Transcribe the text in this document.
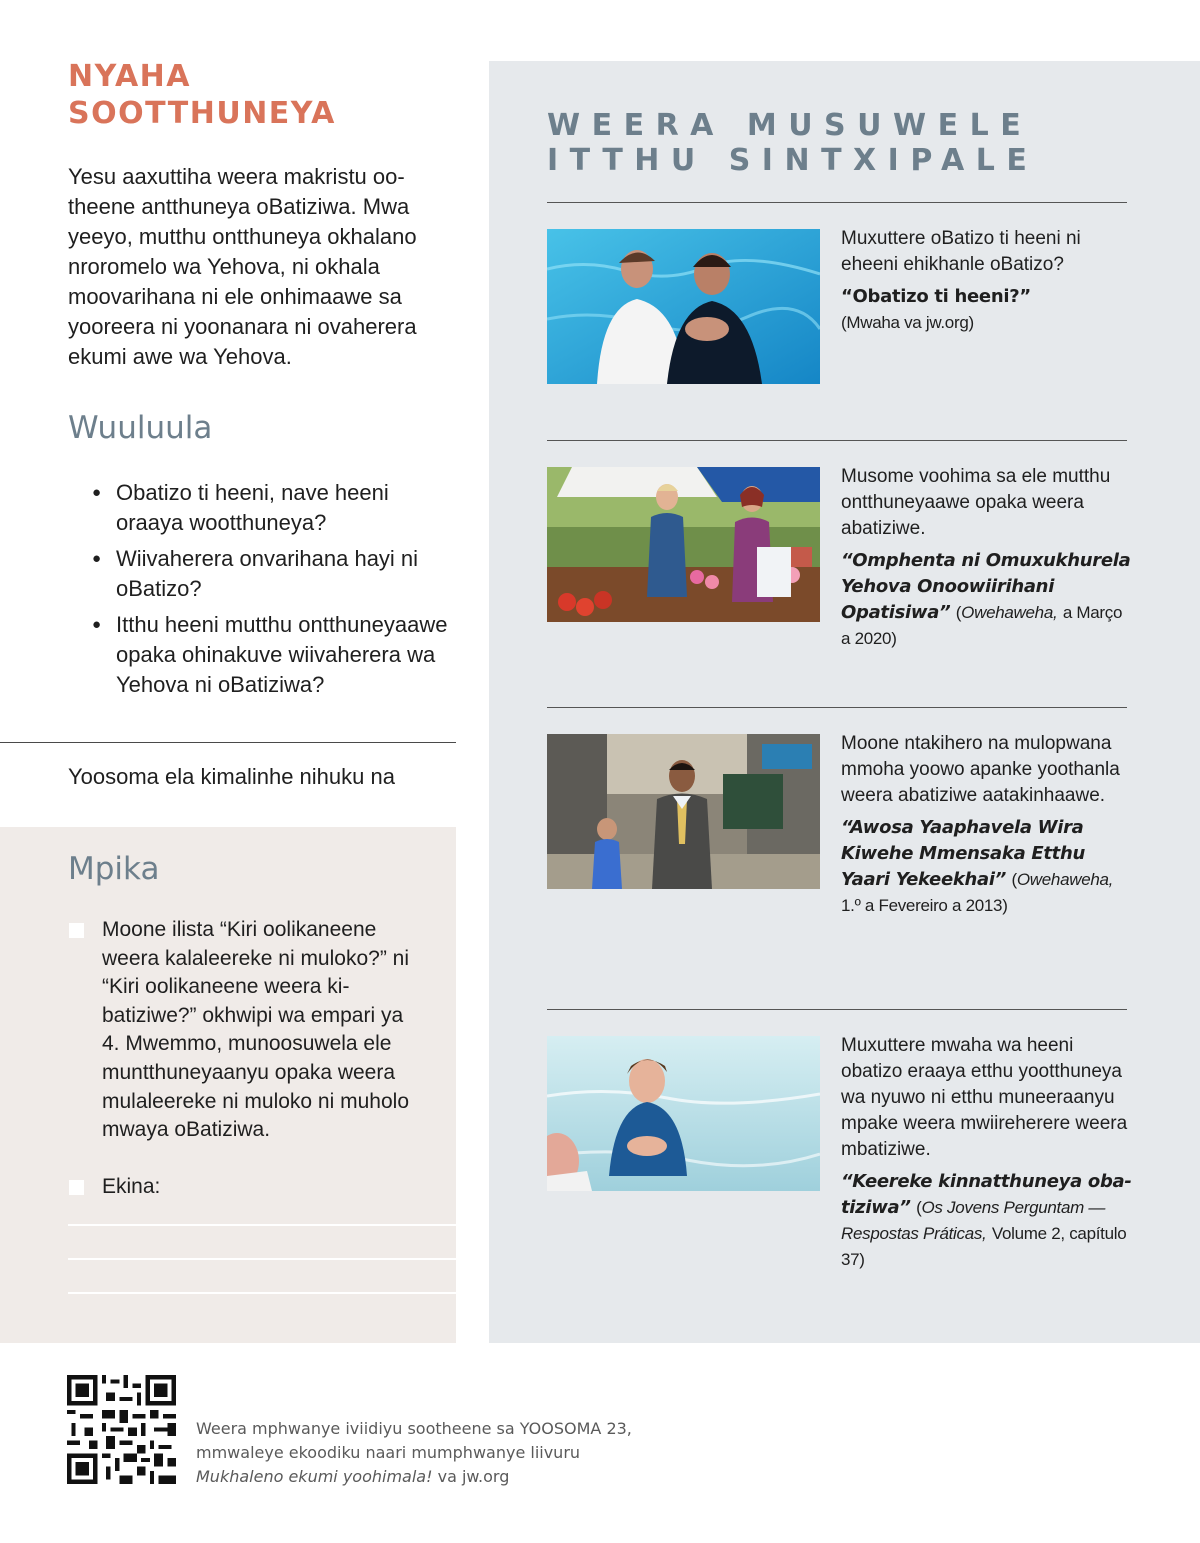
NYAHA
SOOTTHUNEYA

Yesu aaxuttiha weera makristu ootheene antthuneya oBatiziwa. Mwa yeeyo, mutthu ontthuneya okhalano nroromelo wa Yehova, ni okhala moovarihana ni ele onhimaawe sa yooreera ni yoonanara ni ovaherera ekumi awe wa Yehova.

Wuuluula
● Obatizo ti heeni, nave heeni oraaya wootthuneya?
● Wiivaherera onvarihana hayi ni oBatizo?
● Itthu heeni mutthu ontthuneyaawe opaka ohinakuve wiivaherera wa Yehova ni oBatiziwa?
Yoosoma ela kimalinhe nihuku na
Mpika
Moone ilista “Kiri oolikaneene weera kalaleereke ni muloko?” ni “Kiri oolikaneene weera kibatiziwe?” okhwipi wa empari ya 4. Mwemmo, munoosuwela ele muntthuneyaanyu opaka weera mulaleereke ni muloko ni muholo mwaya oBatiziwa.
Ekina:
WEERA MUSUWELE
ITTHU SINTXIPALE
Muxuttere oBatizo ti heeni ni eheeni ehikhanle oBatizo?
“Obatizo ti heeni?”
(Mwaha va jw.org)
Musome voohima sa ele mutthu ontthuneyaawe opaka weera abatiziwe.
“Omphenta ni Omuxukhurela Yehova Onoowiirihani Opatisiwa” (Owehaweha, a Março a 2020)
Moone ntakihero na mulopwana mmoha yoowo apanke yoothanla weera abatiziwe aatakinhaawe.
“Awosa Yaaphavela Wira Kiwehe Mmensaka Etthu Yaari Yekeekhai” (Owehaweha, 1.º a Fevereiro a 2013)
Muxuttere mwaha wa heeni obatizo eraaya etthu yootthuneya wa nyuwo ni etthu muneeraanyu mpake weera mwiireherere weera mbatiziwe.
“Keereke kinnatthuneya obatiziwa” (Os Jovens Perguntam — Respostas Práticas, Volume 2, capítulo 37)
Weera mphwanye iviidiyu sootheene sa YOOSOMA 23,
mmwaleye ekoodiku naari mumphwanye liivuru
Mukhaleno ekumi yoohimala! va jw.org
